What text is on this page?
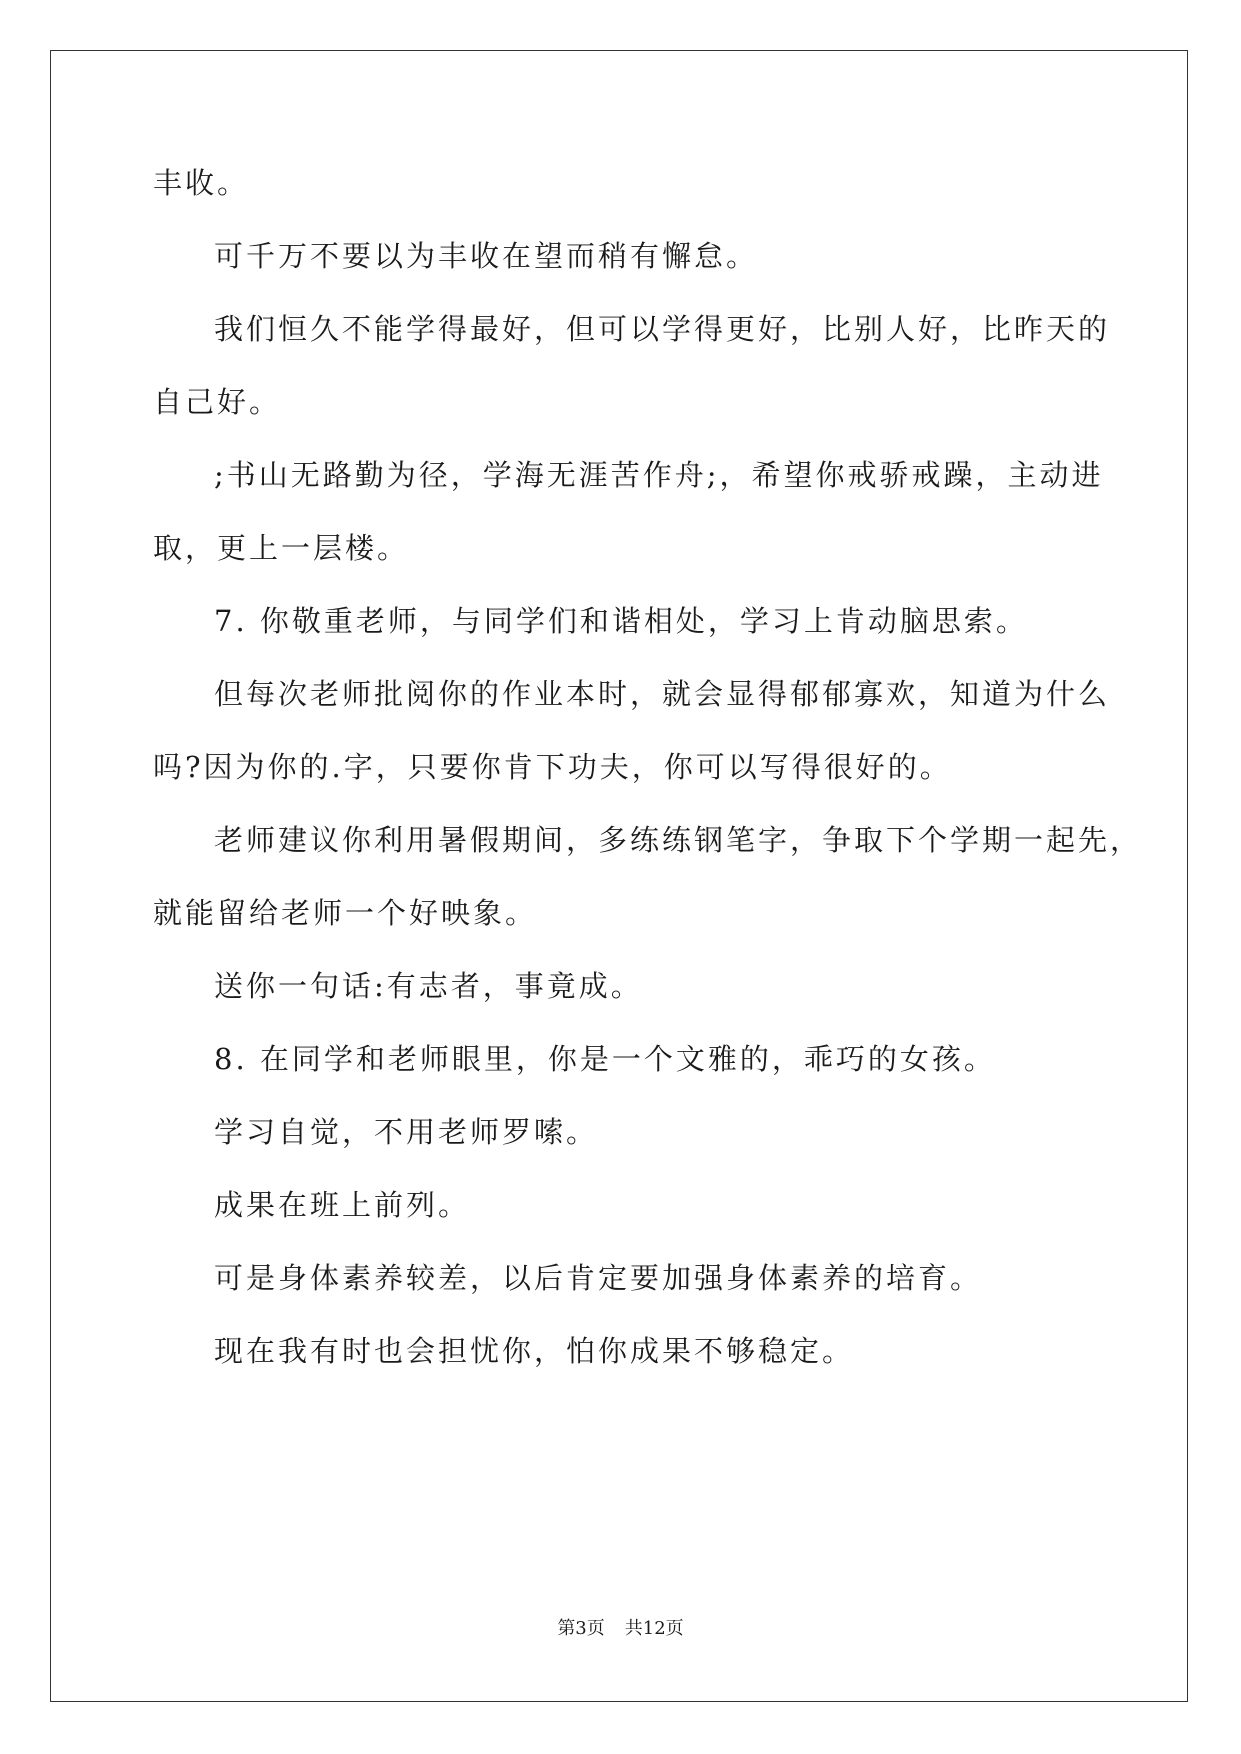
丰收。
可千万不要以为丰收在望而稍有懈怠。
我们恒久不能学得最好，但可以学得更好，比别人好，比昨天的
自己好。
;书山无路勤为径，学海无涯苦作舟;，希望你戒骄戒躁，主动进
取，更上一层楼。
7. 你敬重老师，与同学们和谐相处，学习上肯动脑思索。
但每次老师批阅你的作业本时，就会显得郁郁寡欢，知道为什么
吗?因为你的.字，只要你肯下功夫，你可以写得很好的。
老师建议你利用暑假期间，多练练钢笔字，争取下个学期一起先，
就能留给老师一个好映象。
送你一句话:有志者，事竟成。
8. 在同学和老师眼里，你是一个文雅的，乖巧的女孩。
学习自觉，不用老师罗嗦。
成果在班上前列。
可是身体素养较差，以后肯定要加强身体素养的培育。
现在我有时也会担忧你，怕你成果不够稳定。
第3页 共12页
